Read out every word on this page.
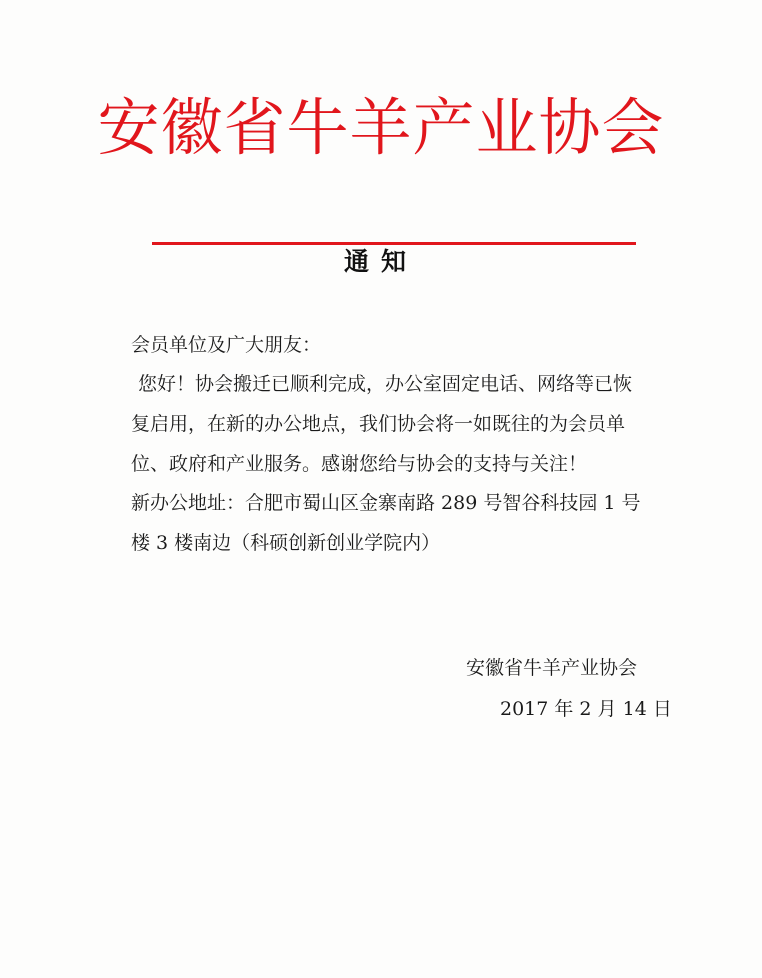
安徽省牛羊产业协会
通知
会员单位及广大朋友：
您好！协会搬迁已顺利完成，办公室固定电话、网络等已恢
复启用，在新的办公地点，我们协会将一如既往的为会员单
位、政府和产业服务。感谢您给与协会的支持与关注！
新办公地址：合肥市蜀山区金寨南路 289 号智谷科技园 1 号
楼 3 楼南边（科硕创新创业学院内）
安徽省牛羊产业协会
2017 年 2 月 14 日
